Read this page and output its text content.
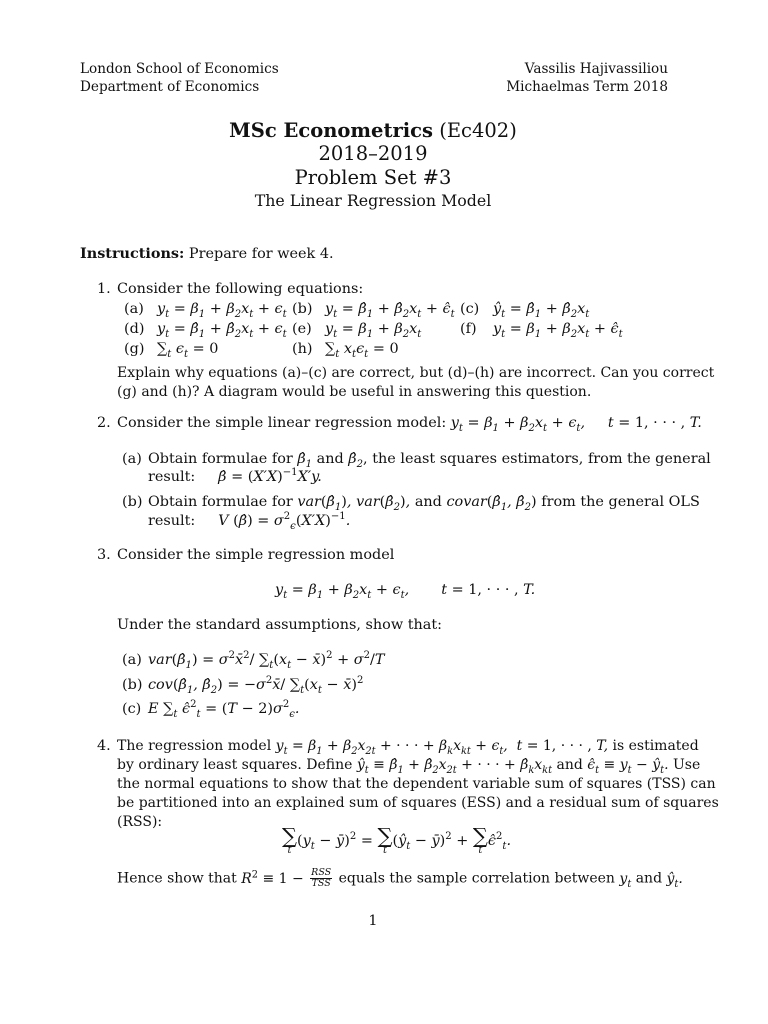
London School of Economics
Department of Economics
Vassilis Hajivassiliou
Michaelmas Term 2018
MSc Econometrics (Ec402)
2018–2019
Problem Set #3
The Linear Regression Model
Instructions: Prepare for week 4.
1. Consider the following equations:
(a) $y_t = \beta_1 + \beta_2x_t + \epsilon_t$ (b) $y_t$ = $\betâ_1$ + $\betâ_2x_t$ + $\epsilon̂_t$ (c) $ŷ_t$ = $\betâ_1$ + $\betâ_2x_t$
(d) $y_t$ = $\betâ_1$ + $\betâ_2x_t + \epsilon_t$ (e) $y_t = \beta_1 + \beta_2x_t$	(f) $y_t = \beta_1 + \beta_2x_t$ + $\epsilon̂_t$
(g) $\sum_t$ $\epsilon_t = 0$	(h) $\sum_t$ $x_t\epsilon_t = 0$
Explain why equations (a)–(c) are correct, but (d)–(h) are incorrect. Can you correct
(g) and (h)? A diagram would be useful in answering this question.
2. Consider the simple linear regression model: $y_t = \beta_1 + \beta_2x_t + \epsilon_t$,     t = 1, · · · , T.
(a) Obtain formulae for $\betâ_1$ and $\betâ_2$, the least squares estimators, from the general
result: β̂ = $(X'X)^{-1}X'y$.
(b) Obtain formulae for $var(\betâ_1)$, $var(\betâ_2)$, and $covar(\betâ_1$, $\betâ_2$) from the general OLS
result: V (β̂) = $\sigma^2_\epsilon(X'X)^{-1}$.
3. Consider the simple regression model
$y_t = \beta_1 + \beta_2x_t + \epsilon_t$,       t = 1, · · · , T.
Under the standard assumptions, show that:
(a) $var(\betâ_1)$ = $\sigma^2x̄^2/$ $\sum_t(x_t$ − x̄)$^2$ + $\sigma^2/T$
(b) $cov(\betâ_1$, $\betâ_2$) = $-\sigma^2x̄/$ $\sum_t(x_t$ − x̄)$^2$
(c) E $\sum_t$ ϵ̂$^2_t$ = $(T - 2)\sigma^2_\epsilon$.
4. The regression model $y_t = \beta_1 + \beta_2x_{2t}$ + · · · + $\beta_kx_{kt} + \epsilon_t$,  t = 1, · · · , T, is estimated
by ordinary least squares. Define $ŷ_t$ ≡ $\betâ_1$ + $\betâ_2x_{2t}$ + · · · + $\betâ_kx_{kt}$ and $\epsilon̂_t \equiv y_t$ − $ŷ_t$. Use
the normal equations to show that the dependent variable sum of squares (TSS) can
be partitioned into an explained sum of squares (ESS) and a residual sum of squares
(RSS):
∑
t
($y_t$ − ȳ)$^2$ = ∑
t
($ŷ_t$ − ȳ)$^2$ + ∑
t
ϵ̂$^2_t$.
Hence show that $R^2 \equiv 1 - \frac{\text{RSS}}{\text{TSS}}$ equals the sample correlation between $y_t$ and $ŷ_t$.
1
